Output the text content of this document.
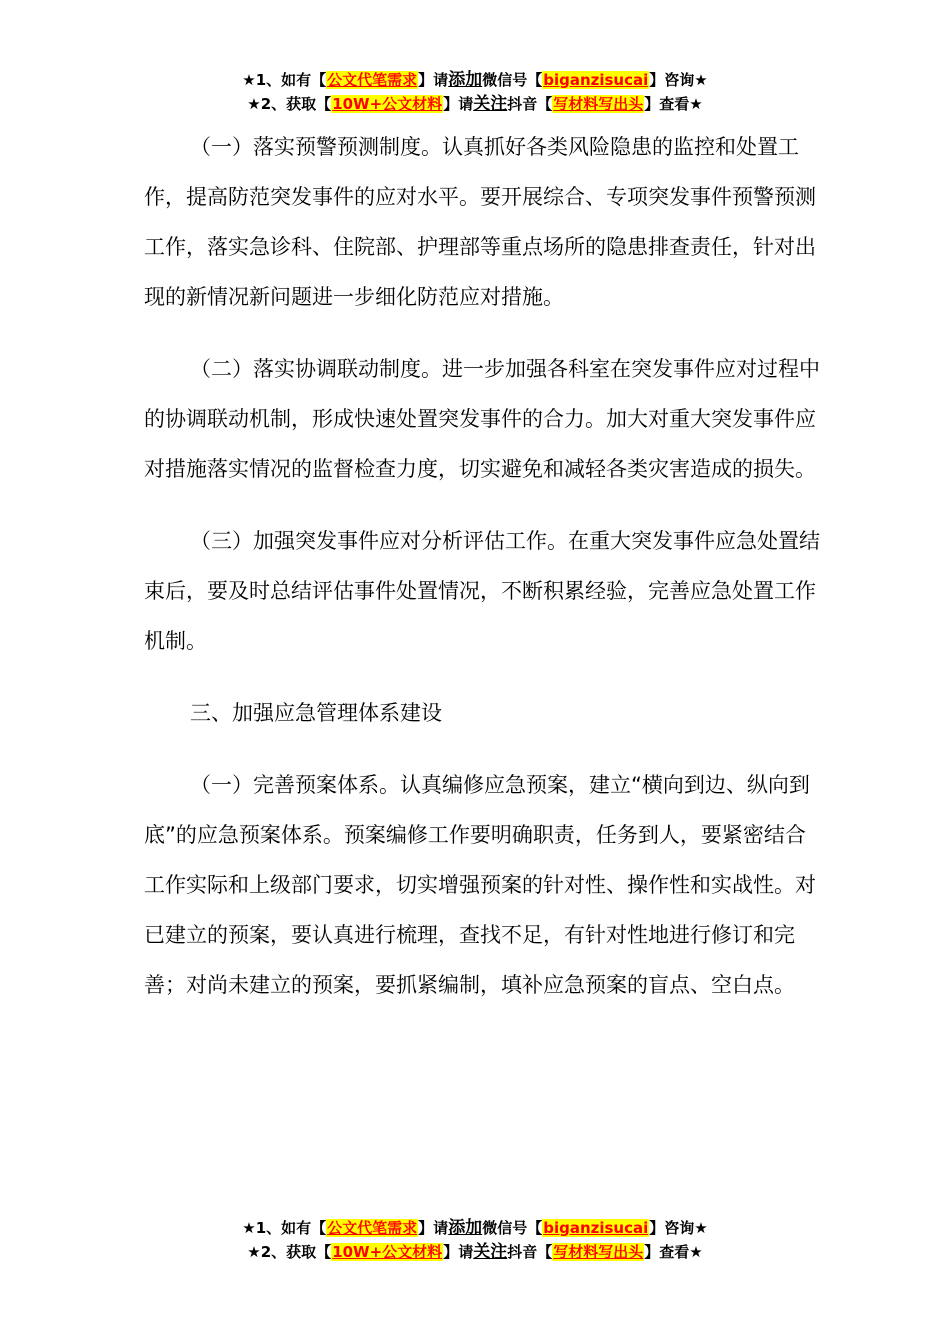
★1、如有【公文代笔需求】请添加微信号【biganzisucai】咨询★
★2、获取【10W+公文材料】请关注抖音【写材料写出头】查看★

（一）落实预警预测制度。认真抓好各类风险隐患的监控和处置工作，提高防范突发事件的应对水平。要开展综合、专项突发事件预警预测工作，落实急诊科、住院部、护理部等重点场所的隐患排查责任，针对出现的新情况新问题进一步细化防范应对措施。

（二）落实协调联动制度。进一步加强各科室在突发事件应对过程中的协调联动机制，形成快速处置突发事件的合力。加大对重大突发事件应对措施落实情况的监督检查力度，切实避免和减轻各类灾害造成的损失。

（三）加强突发事件应对分析评估工作。在重大突发事件应急处置结束后，要及时总结评估事件处置情况，不断积累经验，完善应急处置工作机制。

三、加强应急管理体系建设

（一）完善预案体系。认真编修应急预案，建立“横向到边、纵向到底”的应急预案体系。预案编修工作要明确职责，任务到人，要紧密结合工作实际和上级部门要求，切实增强预案的针对性、操作性和实战性。对已建立的预案，要认真进行梳理，查找不足，有针对性地进行修订和完善；对尚未建立的预案，要抓紧编制，填补应急预案的盲点、空白点。

★1、如有【公文代笔需求】请添加微信号【biganzisucai】咨询★
★2、获取【10W+公文材料】请关注抖音【写材料写出头】查看★
